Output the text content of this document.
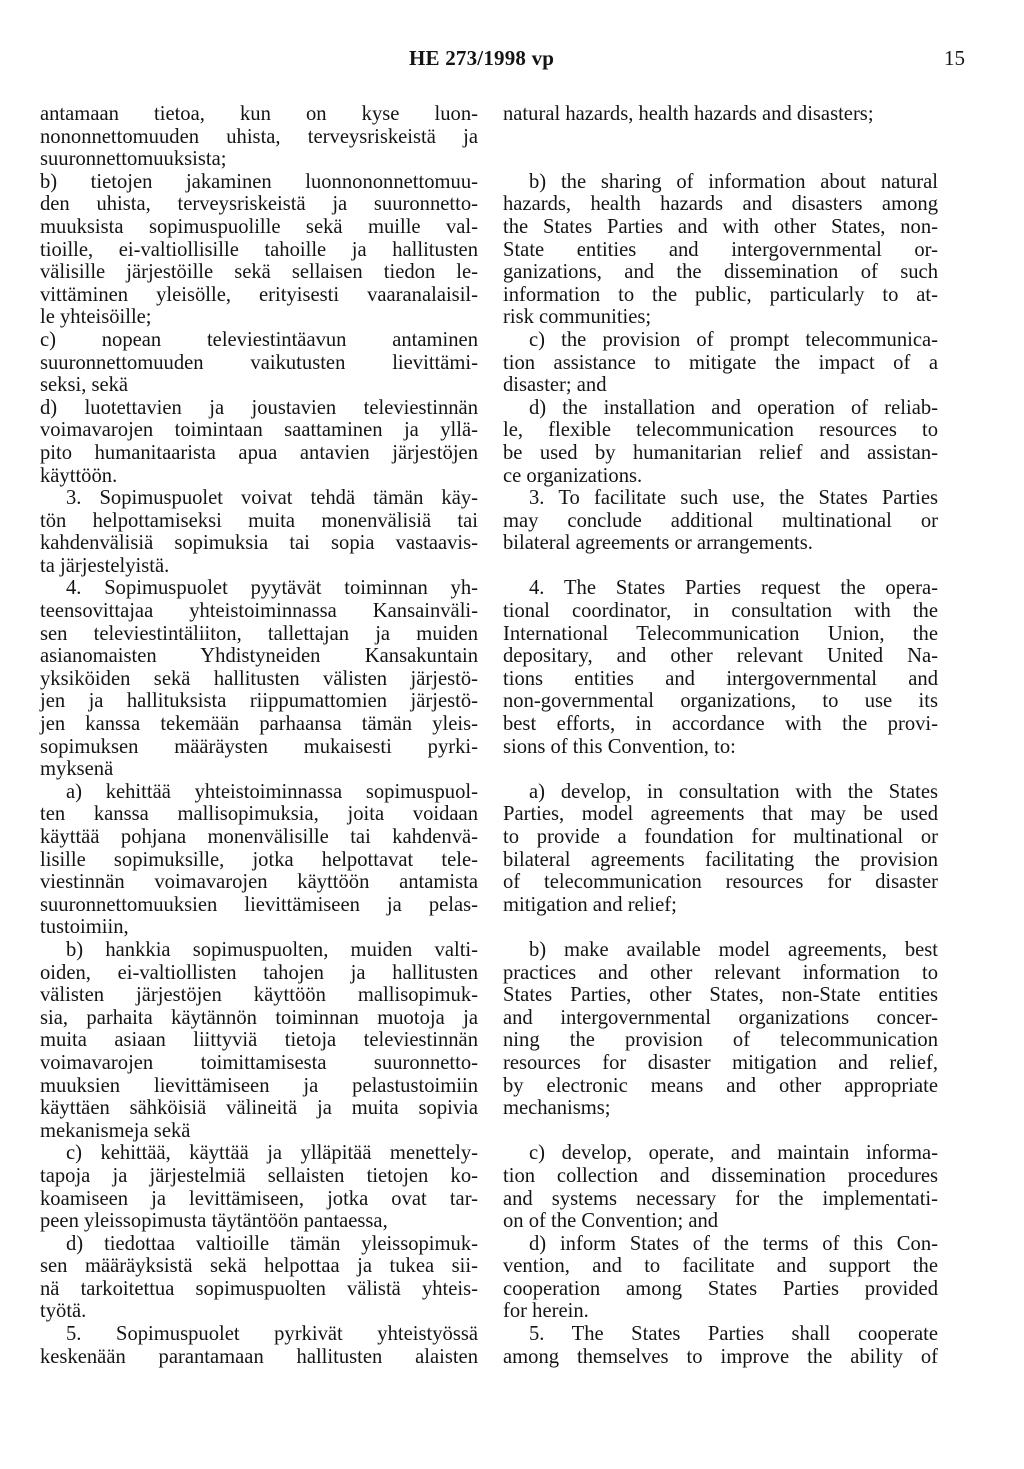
HE 273/1998 vp	15
antamaan tietoa, kun on kyse luon-
nononnettomuuden uhista, terveysriskeistä ja
suuronnettomuuksista;
b) tietojen jakaminen luonnononnettomuu-
den uhista, terveysriskeistä ja suuronnetto-
muuksista sopimuspuolille sekä muille val-
tioille, ei-valtiollisille tahoille ja hallitusten
välisille järjestöille sekä sellaisen tiedon le-
vittäminen yleisölle, erityisesti vaaranalaisil-
le yhteisöille;
c) nopean televiestintäavun antaminen
suuronnettomuuden vaikutusten lievittämi-
seksi, sekä
d) luotettavien ja joustavien televiestinnän
voimavarojen toimintaan saattaminen ja yllä-
pito humanitaarista apua antavien järjestöjen
käyttöön.
3. Sopimuspuolet voivat tehdä tämän käy-
tön helpottamiseksi muita monenvälisiä tai
kahdenvälisiä sopimuksia tai sopia vastaavis-
ta järjestelyistä.
4. Sopimuspuolet pyytävät toiminnan yh-
teensovittajaa yhteistoiminnassa Kansainväli-
sen televiestintäliiton, tallettajan ja muiden
asianomaisten Yhdistyneiden Kansakuntain
yksiköiden sekä hallitusten välisten järjestö-
jen ja hallituksista riippumattomien järjestö-
jen kanssa tekemään parhaansa tämän yleis-
sopimuksen määräysten mukaisesti pyrki-
myksenä
a) kehittää yhteistoiminnassa sopimuspuol-
ten kanssa mallisopimuksia, joita voidaan
käyttää pohjana monenvälisille tai kahdenvä-
lisille sopimuksille, jotka helpottavat tele-
viestinnän voimavarojen käyttöön antamista
suuronnettomuuksien lievittämiseen ja pelas-
tustoimiin,
b) hankkia sopimuspuolten, muiden valti-
oiden, ei-valtiollisten tahojen ja hallitusten
välisten järjestöjen käyttöön mallisopimuk-
sia, parhaita käytännön toiminnan muotoja ja
muita asiaan liittyviä tietoja televiestinnän
voimavarojen toimittamisesta suuronnetto-
muuksien lievittämiseen ja pelastustoimiin
käyttäen sähköisiä välineitä ja muita sopivia
mekanismeja sekä
c) kehittää, käyttää ja ylläpitää menettely-
tapoja ja järjestelmiä sellaisten tietojen ko-
koamiseen ja levittämiseen, jotka ovat tar-
peen yleissopimusta täytäntöön pantaessa,
d) tiedottaa valtioille tämän yleissopimuk-
sen määräyksistä sekä helpottaa ja tukea sii-
nä tarkoitettua sopimuspuolten välistä yhteis-
työtä.
5. Sopimuspuolet pyrkivät yhteistyössä
keskenään parantamaan hallitusten alaisten
natural hazards, health hazards and disasters;
b) the sharing of information about natural
hazards, health hazards and disasters among
the States Parties and with other States, non-
State entities and intergovernmental or-
ganizations, and the dissemination of such
information to the public, particularly to at-
risk communities;
c) the provision of prompt telecommunica-
tion assistance to mitigate the impact of a
disaster; and
d) the installation and operation of reliab-
le, flexible telecommunication resources to
be used by humanitarian relief and assistan-
ce organizations.
3. To facilitate such use, the States Parties
may conclude additional multinational or
bilateral agreements or arrangements.
4. The States Parties request the opera-
tional coordinator, in consultation with the
International Telecommunication Union, the
depositary, and other relevant United Na-
tions entities and intergovernmental and
non-governmental organizations, to use its
best efforts, in accordance with the provi-
sions of this Convention, to:
a) develop, in consultation with the States
Parties, model agreements that may be used
to provide a foundation for multinational or
bilateral agreements facilitating the provision
of telecommunication resources for disaster
mitigation and relief;
b) make available model agreements, best
practices and other relevant information to
States Parties, other States, non-State entities
and intergovernmental organizations concer-
ning the provision of telecommunication
resources for disaster mitigation and relief,
by electronic means and other appropriate
mechanisms;
c) develop, operate, and maintain informa-
tion collection and dissemination procedures
and systems necessary for the implementati-
on of the Convention; and
d) inform States of the terms of this Con-
vention, and to facilitate and support the
cooperation among States Parties provided
for herein.
5. The States Parties shall cooperate
among themselves to improve the ability of
